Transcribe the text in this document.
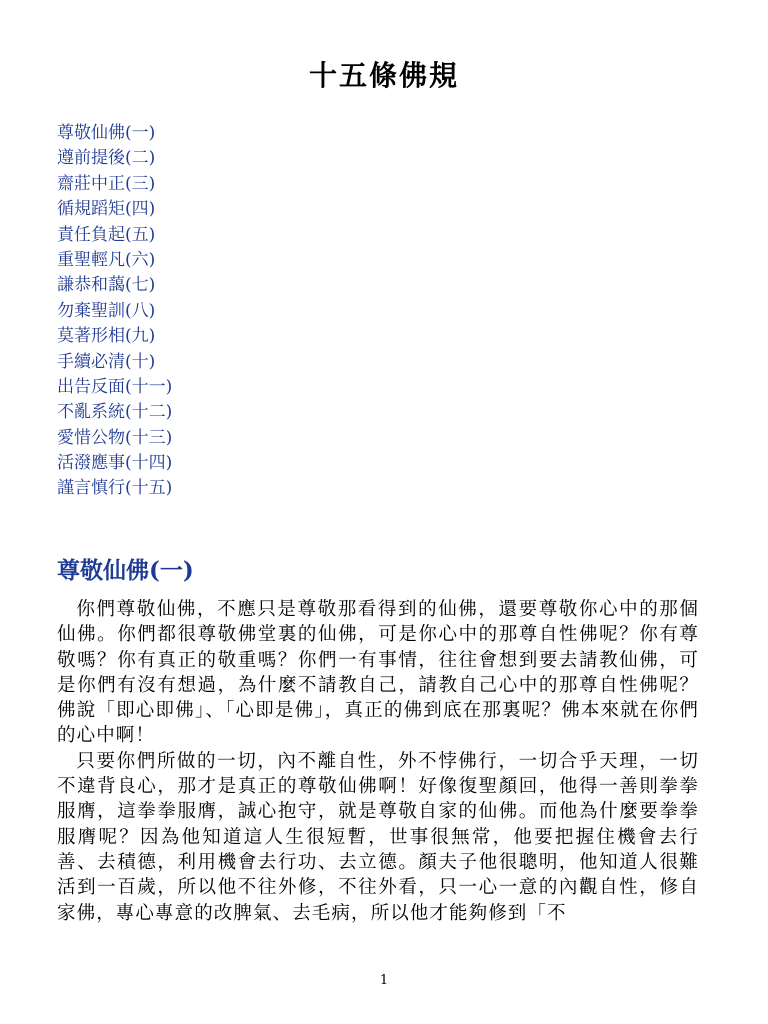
十五條佛規
尊敬仙佛(一)
遵前提後(二)
齋莊中正(三)
循規蹈矩(四)
責任負起(五)
重聖輕凡(六)
謙恭和藹(七)
勿棄聖訓(八)
莫著形相(九)
手續必清(十)
出告反面(十一)
不亂系統(十二)
愛惜公物(十三)
活潑應事(十四)
謹言慎行(十五)
尊敬仙佛(一)

你們尊敬仙佛，不應只是尊敬那看得到的仙佛，還要尊敬你心中的那個仙佛。你們都很尊敬佛堂裏的仙佛，可是你心中的那尊自性佛呢？你有尊敬嗎？你有真正的敬重嗎？你們一有事情，往往會想到要去請教仙佛，可是你們有沒有想過，為什麼不請教自己，請教自己心中的那尊自性佛呢？佛說「即心即佛」、「心即是佛」，真正的佛到底在那裏呢？佛本來就在你們的心中啊！

只要你們所做的一切，內不離自性，外不悖佛行，一切合乎天理，一切不違背良心，那才是真正的尊敬仙佛啊！好像復聖顏回，他得一善則拳拳服膺，這拳拳服膺，誠心抱守，就是尊敬自家的仙佛。而他為什麼要拳拳服膺呢？因為他知道這人生很短暫，世事很無常，他要把握住機會去行善、去積德，利用機會去行功、去立德。顏夫子他很聰明，他知道人很難活到一百歲，所以他不往外修，不往外看，只一心一意的內觀自性，修自家佛，專心專意的改脾氣、去毛病，所以他才能夠修到「不

1
